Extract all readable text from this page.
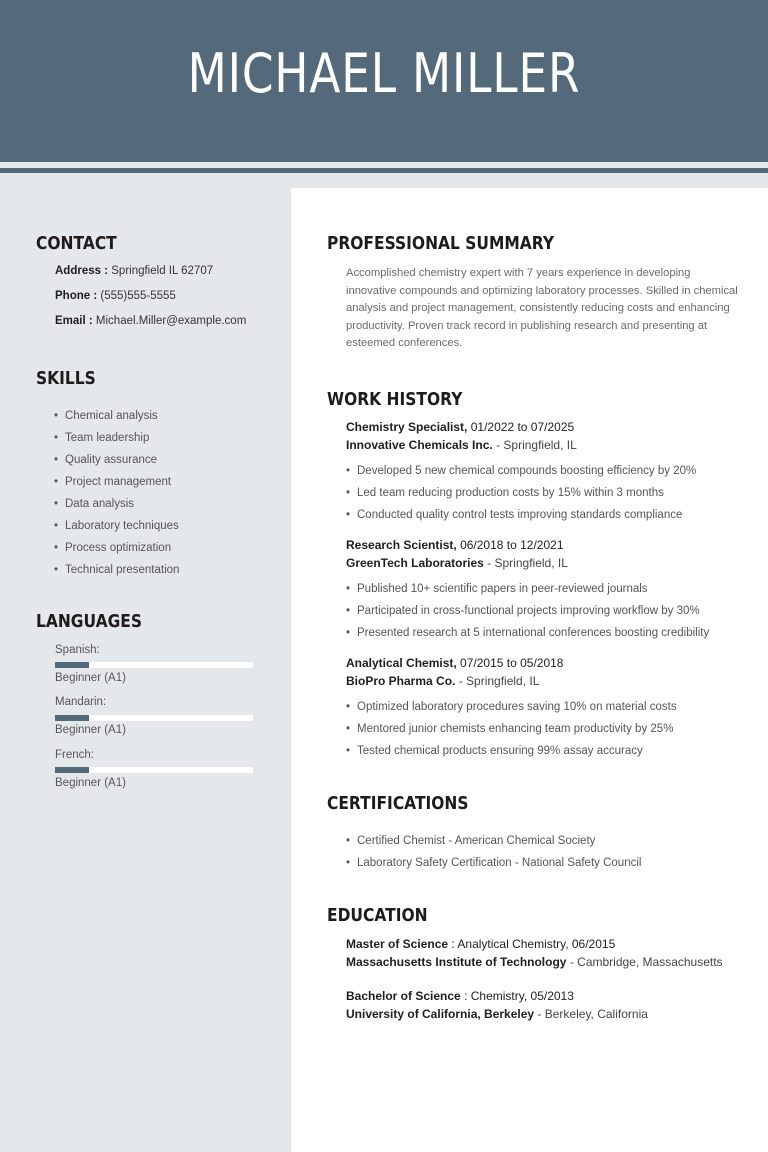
MICHAEL MILLER
CONTACT
Address : Springfield IL 62707
Phone : (555)555-5555
Email : Michael.Miller@example.com
SKILLS
• Chemical analysis
• Team leadership
• Quality assurance
• Project management
• Data analysis
• Laboratory techniques
• Process optimization
• Technical presentation
LANGUAGES
Spanish:
Beginner (A1)
Mandarin:
Beginner (A1)
French:
Beginner (A1)
PROFESSIONAL SUMMARY
Accomplished chemistry expert with 7 years experience in developing innovative compounds and optimizing laboratory processes. Skilled in chemical analysis and project management, consistently reducing costs and enhancing productivity. Proven track record in publishing research and presenting at esteemed conferences.
WORK HISTORY
Chemistry Specialist, 01/2022 to 07/2025
Innovative Chemicals Inc. - Springfield, IL
• Developed 5 new chemical compounds boosting efficiency by 20%
• Led team reducing production costs by 15% within 3 months
• Conducted quality control tests improving standards compliance
Research Scientist, 06/2018 to 12/2021
GreenTech Laboratories - Springfield, IL
• Published 10+ scientific papers in peer-reviewed journals
• Participated in cross-functional projects improving workflow by 30%
• Presented research at 5 international conferences boosting credibility
Analytical Chemist, 07/2015 to 05/2018
BioPro Pharma Co. - Springfield, IL
• Optimized laboratory procedures saving 10% on material costs
• Mentored junior chemists enhancing team productivity by 25%
• Tested chemical products ensuring 99% assay accuracy
CERTIFICATIONS
• Certified Chemist - American Chemical Society
• Laboratory Safety Certification - National Safety Council
EDUCATION
Master of Science : Analytical Chemistry, 06/2015
Massachusetts Institute of Technology - Cambridge, Massachusetts
Bachelor of Science : Chemistry, 05/2013
University of California, Berkeley - Berkeley, California
